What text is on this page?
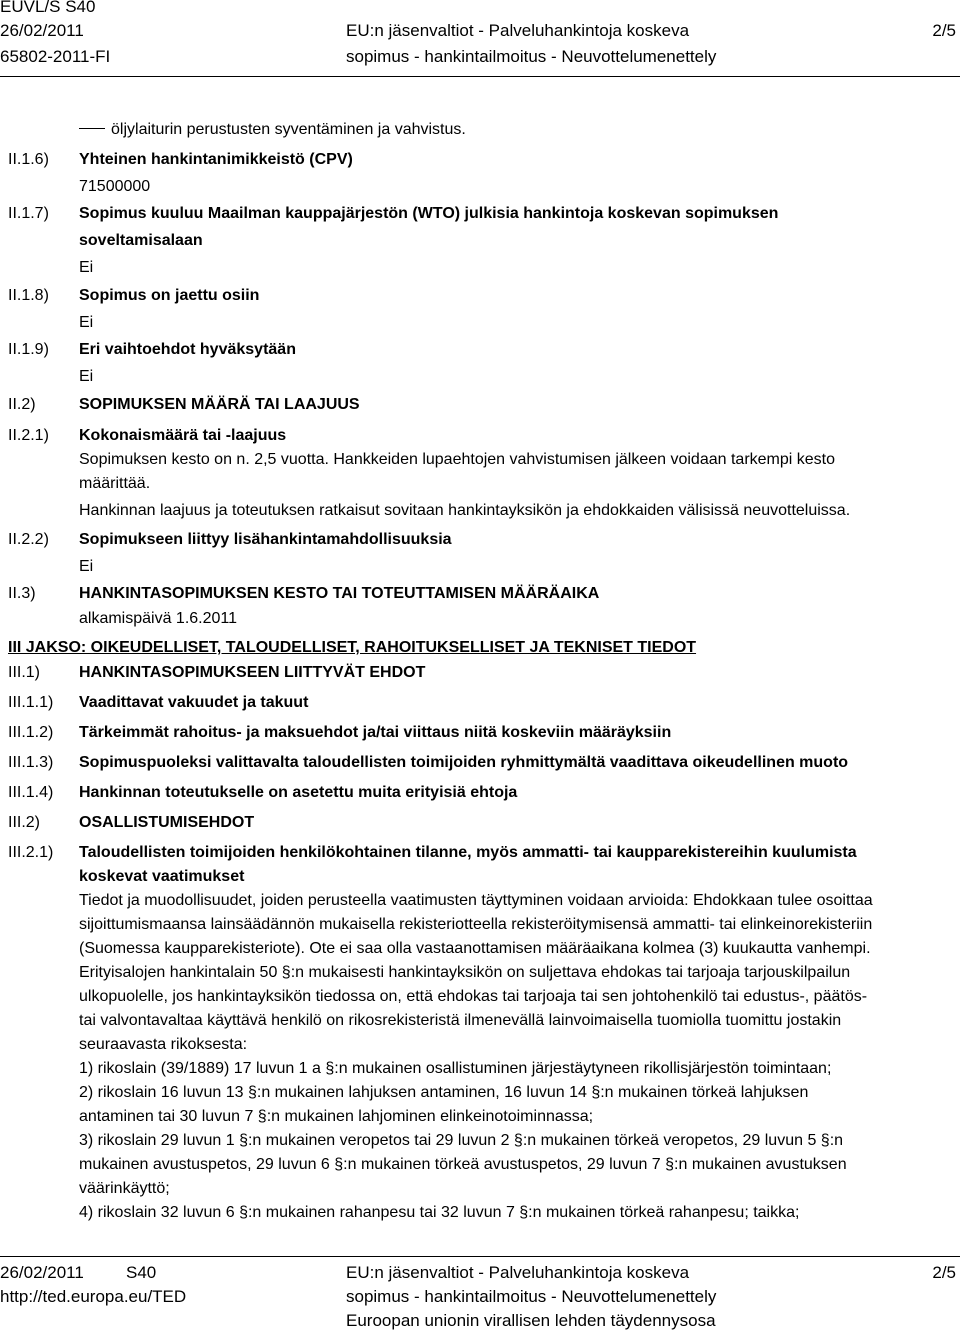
EUVL/S S40
26/02/2011
65802-2011-FI
EU:n jäsenvaltiot - Palveluhankintoja koskeva
sopimus - hankintailmoitus - Neuvottelumenettely
2/5
öljylaiturin perustusten syventäminen ja vahvistus.
II.1.6) Yhteinen hankintanimikkeistö (CPV)
71500000
II.1.7) Sopimus kuuluu Maailman kauppajärjestön (WTO) julkisia hankintoja koskevan sopimuksen
soveltamisalaan
Ei
II.1.8) Sopimus on jaettu osiin
Ei
II.1.9) Eri vaihtoehdot hyväksytään
Ei
II.2)	SOPIMUKSEN MÄÄRÄ TAI LAAJUUS
II.2.1) Kokonaismäärä tai -laajuus
Sopimuksen kesto on n. 2,5 vuotta. Hankkeiden lupaehtojen vahvistumisen jälkeen voidaan tarkempi kesto
määrittää.
Hankinnan laajuus ja toteutuksen ratkaisut sovitaan hankintayksikön ja ehdokkaiden välisissä neuvotteluissa.
II.2.2) Sopimukseen liittyy lisähankintamahdollisuuksia
Ei
II.3)	HANKINTASOPIMUKSEN KESTO TAI TOTEUTTAMISEN MÄÄRÄAIKA
alkamispäivä 1.6.2011
III JAKSO: OIKEUDELLISET, TALOUDELLISET, RAHOITUKSELLISET JA TEKNISET TIEDOT
III.1) HANKINTASOPIMUKSEEN LIITTYVÄT EHDOT
III.1.1) Vaadittavat vakuudet ja takuut
III.1.2) Tärkeimmät rahoitus- ja maksuehdot ja/tai viittaus niitä koskeviin määräyksiin
III.1.3) Sopimuspuoleksi valittavalta taloudellisten toimijoiden ryhmittymältä vaadittava oikeudellinen muoto
III.1.4) Hankinnan toteutukselle on asetettu muita erityisiä ehtoja
III.2) OSALLISTUMISEHDOT
III.2.1) Taloudellisten toimijoiden henkilökohtainen tilanne, myös ammatti- tai kaupparekistereihin kuulumista
koskevat vaatimukset
Tiedot ja muodollisuudet, joiden perusteella vaatimusten täyttyminen voidaan arvioida: Ehdokkaan tulee osoittaa
sijoittumismaansa lainsäädännön mukaisella rekisteriotteella rekisteröitymisensä ammatti- tai elinkeinorekisteriin
(Suomessa kaupparekisteriote). Ote ei saa olla vastaanottamisen määräaikana kolmea (3) kuukautta vanhempi.
Erityisalojen hankintalain 50 §:n mukaisesti hankintayksikön on suljettava ehdokas tai tarjoaja tarjouskilpailun
ulkopuolelle, jos hankintayksikön tiedossa on, että ehdokas tai tarjoaja tai sen johtohenkilö tai edustus-, päätös-
tai valvontavaltaa käyttävä henkilö on rikosrekisteristä ilmenevällä lainvoimaisella tuomiolla tuomittu jostakin
seuraavasta rikoksesta:
1) rikoslain (39/1889) 17 luvun 1 a §:n mukainen osallistuminen järjestäytyneen rikollisjärjestön toimintaan;
2) rikoslain 16 luvun 13 §:n mukainen lahjuksen antaminen, 16 luvun 14 §:n mukainen törkeä lahjuksen
antaminen tai 30 luvun 7 §:n mukainen lahjominen elinkeinotoiminnassa;
3) rikoslain 29 luvun 1 §:n mukainen veropetos tai 29 luvun 2 §:n mukainen törkeä veropetos, 29 luvun 5 §:n
mukainen avustuspetos, 29 luvun 6 §:n mukainen törkeä avustuspetos, 29 luvun 7 §:n mukainen avustuksen
väärinkäyttö;
4) rikoslain 32 luvun 6 §:n mukainen rahanpesu tai 32 luvun 7 §:n mukainen törkeä rahanpesu; taikka;
26/02/2011 S40
http://ted.europa.eu/TED
EU:n jäsenvaltiot - Palveluhankintoja koskeva
sopimus - hankintailmoitus - Neuvottelumenettely
Euroopan unionin virallisen lehden täydennysosa
2/5
